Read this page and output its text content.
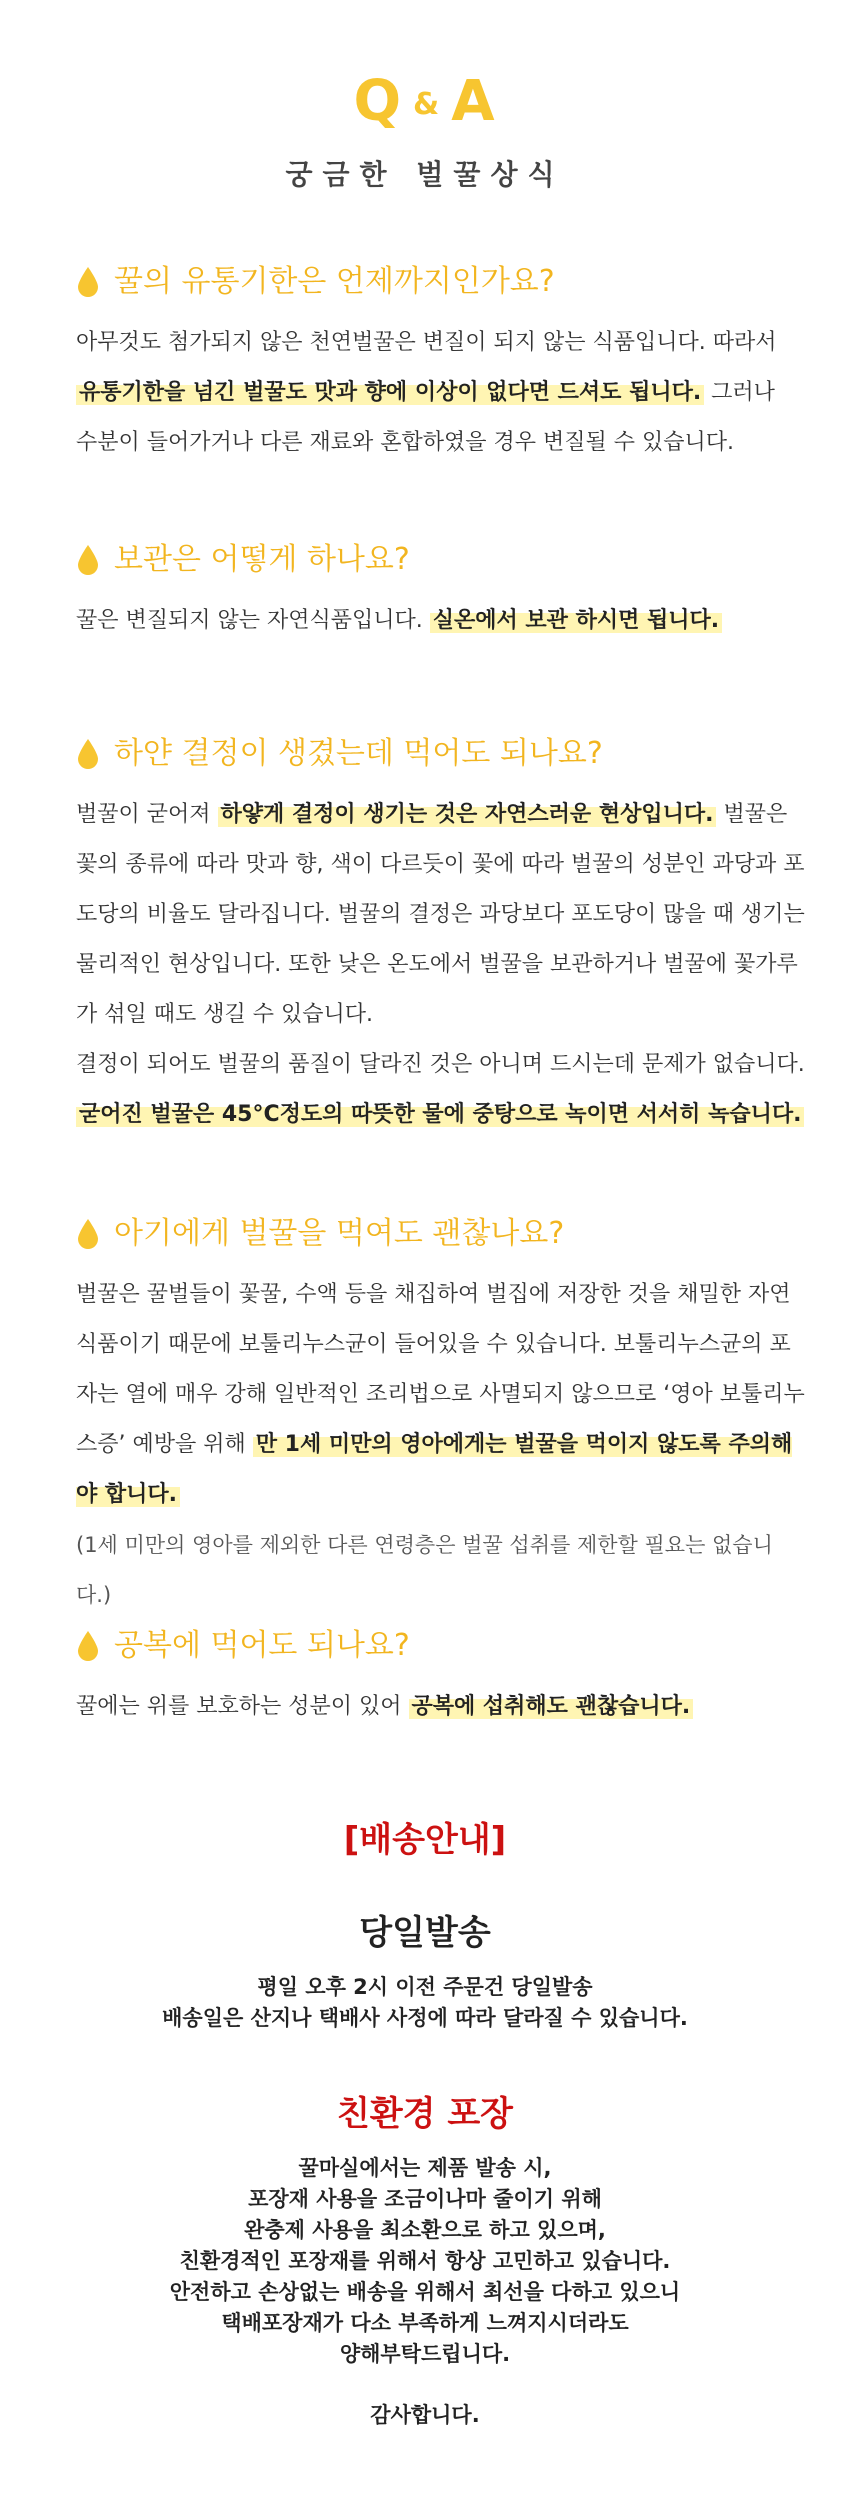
Q & A
궁금한 벌꿀상식
꿀의 유통기한은 언제까지인가요?

아무것도 첨가되지 않은 천연벌꿀은 변질이 되지 않는 식품입니다. 따라서

유통기한을 넘긴 벌꿀도 맛과 향에 이상이 없다면 드셔도 됩니다. 그러나

수분이 들어가거나 다른 재료와 혼합하였을 경우 변질될 수 있습니다.

보관은 어떻게 하나요?

꿀은 변질되지 않는 자연식품입니다. 실온에서 보관 하시면 됩니다.

하얀 결정이 생겼는데 먹어도 되나요?

벌꿀이 굳어져 하얗게 결정이 생기는 것은 자연스러운 현상입니다. 벌꿀은 꽃의 종류에 따라 맛과 향, 색이 다르듯이 꽃에 따라 벌꿀의 성분인 과당과 포도당의 비율도 달라집니다. 벌꿀의 결정은 과당보다 포도당이 많을 때 생기는 물리적인 현상입니다. 또한 낮은 온도에서 벌꿀을 보관하거나 벌꿀에 꽃가루가 섞일 때도 생길 수 있습니다.

결정이 되어도 벌꿀의 품질이 달라진 것은 아니며 드시는데 문제가 없습니다.

굳어진 벌꿀은 45°C정도의 따뜻한 물에 중탕으로 녹이면 서서히 녹습니다.

아기에게 벌꿀을 먹여도 괜찮나요?

벌꿀은 꿀벌들이 꽃꿀, 수액 등을 채집하여 벌집에 저장한 것을 채밀한 자연식품이기 때문에 보툴리누스균이 들어있을 수 있습니다. 보툴리누스균의 포자는 열에 매우 강해 일반적인 조리법으로 사멸되지 않으므로 ‘영아 보툴리누스증’ 예방을 위해 만 1세 미만의 영아에게는 벌꿀을 먹이지 않도록 주의해야 합니다.

(1세 미만의 영아를 제외한 다른 연령층은 벌꿀 섭취를 제한할 필요는 없습니다.)

공복에 먹어도 되나요?

꿀에는 위를 보호하는 성분이 있어 공복에 섭취해도 괜찮습니다.

[배송안내]
당일발송

평일 오후 2시 이전 주문건 당일발송

배송일은 산지나 택배사 사정에 따라 달라질 수 있습니다.

친환경 포장

꿀마실에서는 제품 발송 시,

포장재 사용을 조금이나마 줄이기 위해

완충제 사용을 최소환으로 하고 있으며,

친환경적인 포장재를 위해서 항상 고민하고 있습니다.

안전하고 손상없는 배송을 위해서 최선을 다하고 있으니

택배포장재가 다소 부족하게 느껴지시더라도

양해부탁드립니다.

감사합니다.
